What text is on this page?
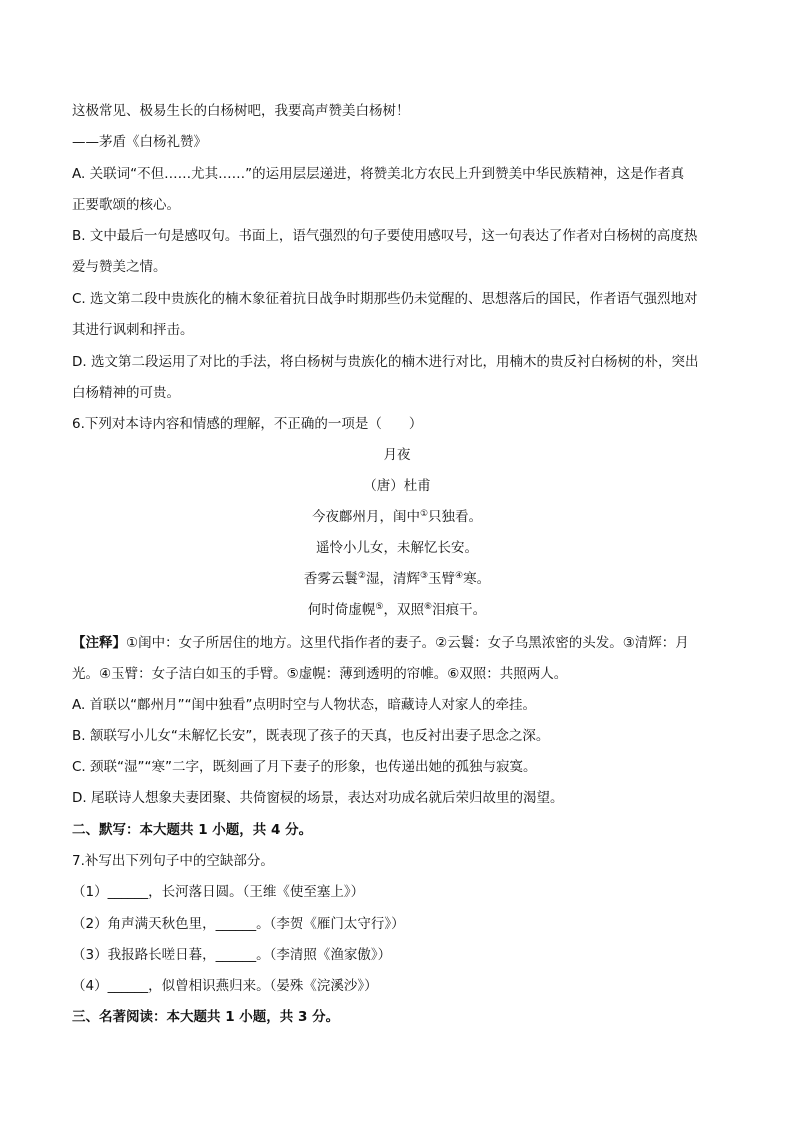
这极常见、极易生长的白杨树吧，我要高声赞美白杨树！
——茅盾《白杨礼赞》
A. 关联词“不但……尤其……”的运用层层递进，将赞美北方农民上升到赞美中华民族精神，这是作者真
正要歌颂的核心。
B. 文中最后一句是感叹句。书面上，语气强烈的句子要使用感叹号，这一句表达了作者对白杨树的高度热
爱与赞美之情。
C. 选文第二段中贵族化的楠木象征着抗日战争时期那些仍未觉醒的、思想落后的国民，作者语气强烈地对
其进行讽刺和抨击。
D. 选文第二段运用了对比的手法，将白杨树与贵族化的楠木进行对比，用楠木的贵反衬白杨树的朴，突出
白杨精神的可贵。
6.下列对本诗内容和情感的理解，不正确的一项是（　　）
月夜
（唐）杜甫
今夜鄜州月，闺中①只独看。
遥怜小儿女，未解忆长安。
香雾云鬟②湿，清辉③玉臂④寒。
何时倚虚幌⑤，双照⑥泪痕干。
【注释】①闺中：女子所居住的地方。这里代指作者的妻子。②云鬟：女子乌黑浓密的头发。③清辉：月
光。④玉臂：女子洁白如玉的手臂。⑤虚幌：薄到透明的帘帷。⑥双照：共照两人。
A. 首联以“鄜州月”“闺中独看”点明时空与人物状态，暗藏诗人对家人的牵挂。
B. 颔联写小儿女“未解忆长安”，既表现了孩子的天真，也反衬出妻子思念之深。
C. 颈联“湿”“寒”二字，既刻画了月下妻子的形象，也传递出她的孤独与寂寞。
D. 尾联诗人想象夫妻团聚、共倚窗棂的场景，表达对功成名就后荣归故里的渴望。
二、默写：本大题共 1 小题，共 4 分。
7.补写出下列句子中的空缺部分。
（1）______，长河落日圆。（王维《使至塞上》）
（2）角声满天秋色里，______。（李贺《雁门太守行》）
（3）我报路长嗟日暮，______。（李清照《渔家傲》）
（4）______，似曾相识燕归来。（晏殊《浣溪沙》）
三、名著阅读：本大题共 1 小题，共 3 分。
